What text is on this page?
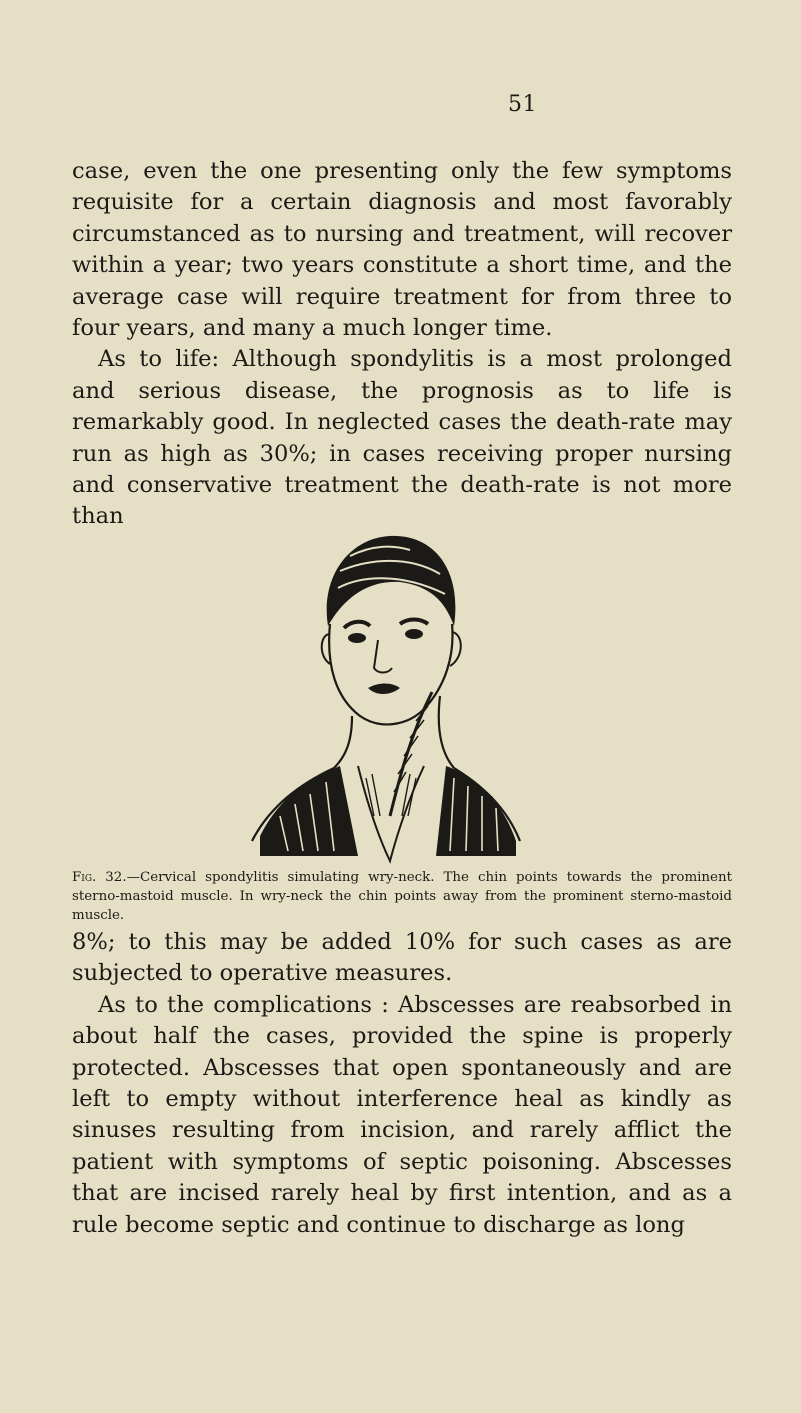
51

case, even the one presenting only the few symptoms requisite for a certain diagnosis and most favorably circumstanced as to nursing and treatment, will recover within a year; two years constitute a short time, and the average case will require treatment for from three to four years, and many a much longer time.

As to life: Although spondylitis is a most prolonged and serious disease, the prognosis as to life is remarkably good. In neglected cases the death-rate may run as high as 30%; in cases receiving proper nursing and conservative treatment the death-rate is not more than

Fig. 32.—Cervical spondylitis simulating wry-neck. The chin points towards the prominent sterno-mastoid muscle. In wry-neck the chin points away from the prominent sterno-mastoid muscle.

8%; to this may be added 10% for such cases as are subjected to operative measures.

As to the complications : Abscesses are reabsorbed in about half the cases, provided the spine is properly protected. Abscesses that open spontaneously and are left to empty without interference heal as kindly as sinuses resulting from incision, and rarely afflict the patient with symptoms of septic poisoning. Abscesses that are incised rarely heal by first intention, and as a rule become septic and continue to discharge as long
